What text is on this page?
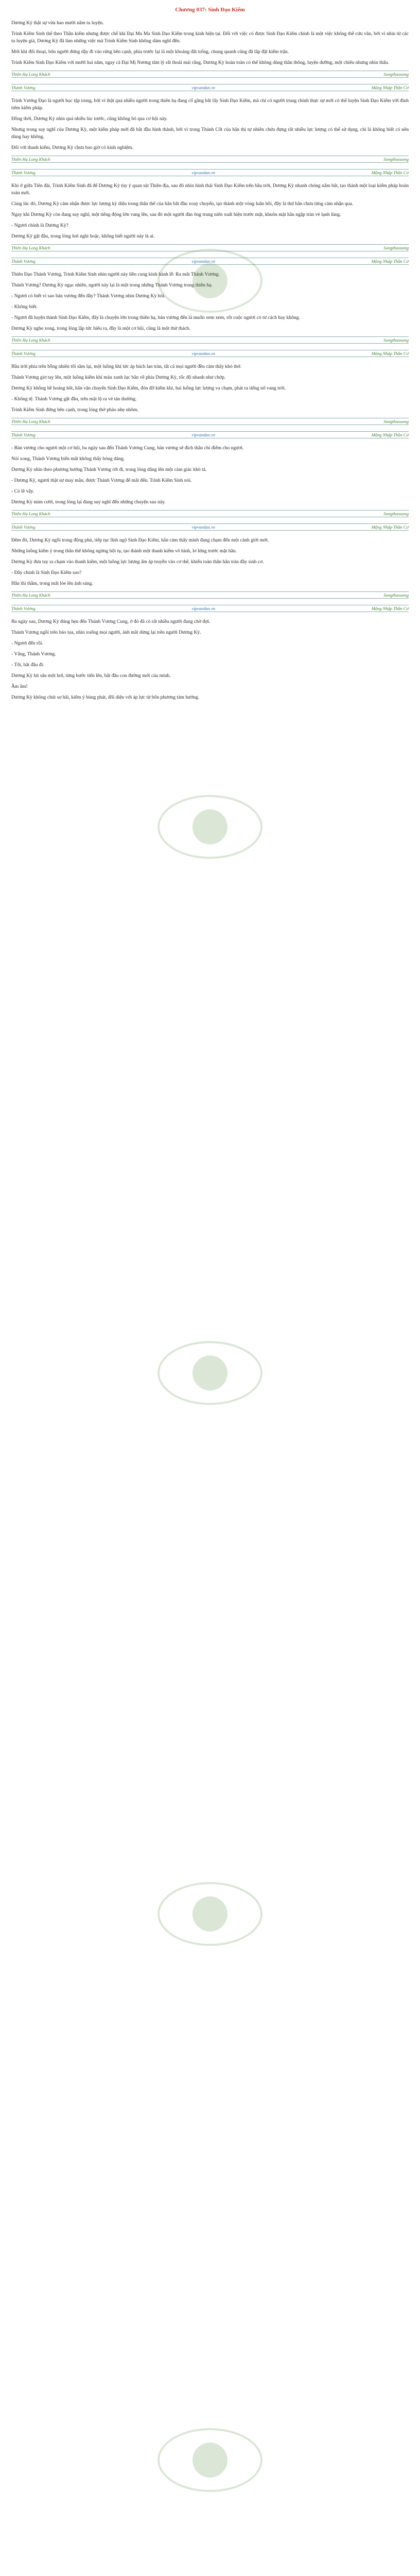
Chương 037: Sinh Đạo Kiếm

Dương Kỳ thật sự vừa hao mười năm tu luyện.

Trình Kiếm Sinh thể theo Thần kiếm nhưng được chế khi Đại Mu Ma Sinh Đạo Kiếm trong kinh hiện tại. Đối với việc có được Sinh Đạo Kiếm chính là một việc không thể cứu vãn, bởi vì nhìn từ các tu luyện giả, Dương Kỳ đã làm những việc mà Trình Kiếm Sinh không dám nghĩ đến.

Mới khi đối thoại, bốn người đứng dậy đi vào rừng bên cạnh, phía trước lại là một khoảng đất trống, chung quanh cũng đã lắp đặt kiếm trận.

Trình Kiếm Sinh Đạo Kiếm với mười hai năm, ngay cả Đại Mị Nương tâm lý rất thoải mái rằng, Dương Kỳ hoàn toàn có thể không dùng thần thông, luyện dưỡng, một chiêu nhưng nhìn thấu.

Thiên Hạ Long Khách	Songthuxuong
Thánh Vương	vipvandan.vn	Mộng Nhập Thần Cơ

Trình Vương Đạo là người học tập trung, bởi vì thật quá nhiều người trong thiên hạ đang cố gắng bắt lấy Sinh Đạo Kiếm, mà chỉ có người trung chính thực sự mới có thể luyện Sinh Đạo Kiếm với đỉnh tiêm kiếm pháp.

Đồng thời, Dương Kỳ nhìn quá nhiều lúc trước, cũng không bỏ qua cơ hội này.

Nhưng trong suy nghĩ của Dương Kỳ, một kiếm pháp mới đã bắt đầu hình thành, bởi vì trong Thánh Cốt của hắn thì tự nhiên chứa đựng rất nhiều lực lượng có thể sử dụng, chỉ là không biết có nên dùng hay không.

Đối với thanh kiếm, Dương Kỳ chưa bao giờ có kinh nghiệm.

Thiên Hạ Long Khách	Songthuxuong
Thánh Vương	vipvandan.vn	Mộng Nhập Thần Cơ

Khi ở giữa Tiên đài, Trình Kiếm Sinh đã để Dương Kỳ tùy ý quan sát Thiên địa, sau đó nhìn hình thái Sinh Đạo Kiếm trên bầu trời, Dương Kỳ nhanh chóng nắm bắt, tạo thành một loại kiếm pháp hoàn toàn mới.

Cùng lúc đó, Dương Kỳ cảm nhận được lực lượng kỳ diệu trong thân thể của hắn bắt đầu xoay chuyển, tạo thành một vòng luân hồi, đây là thứ hắn chưa từng cảm nhận qua.

Ngay khi Dương Kỳ còn đang suy nghĩ, một tiếng động lớn vang lên, sau đó một người đàn ông trung niên xuất hiện trước mặt, khuôn mặt hắn ngập tràn vẻ lạnh lùng.

- Ngươi chính là Dương Kỳ?

Dương Kỳ gật đầu, trong lòng hơi nghi hoặc, không biết người này là ai.

Thiên Hạ Long Khách	Songthuxuong
Thánh Vương	vipvandan.vn	Mộng Nhập Thần Cơ

Thiên Đạo Thánh Vương, Trình Kiếm Sinh nhìn người này liền cung kính hành lễ: Ra mắt Thánh Vương.

Thánh Vương? Dương Kỳ ngạc nhiên, người này lại là một trong những Thánh Vương trong thiên hạ.

- Ngươi có biết vì sao bản vương đến đây? Thánh Vương nhìn Dương Kỳ hỏi.

- Không biết.

- Ngươi đã luyện thành Sinh Đạo Kiếm, đây là chuyện lớn trong thiên hạ, bản vương đến là muốn xem xem, rốt cuộc ngươi có tư cách hay không.

Dương Kỳ nghe xong, trong lòng lập tức hiểu ra, đây là một cơ hội, cũng là một thử thách.

Thiên Hạ Long Khách	Songthuxuong
Thánh Vương	vipvandan.vn	Mộng Nhập Thần Cơ

Bầu trời phía trên bỗng nhiên tối sầm lại, một luồng khí tức áp bách lan tràn, tất cả mọi người đều cảm thấy khó thở.

Thánh Vương giơ tay lên, một luồng kiếm khí màu xanh lục bắn về phía Dương Kỳ, tốc độ nhanh như chớp.

Dương Kỳ không hề hoảng hốt, hắn vận chuyển Sinh Đạo Kiếm, đón đỡ kiếm khí, hai luồng lực lượng va chạm, phát ra tiếng nổ vang trời.

- Không tệ. Thánh Vương gật đầu, trên mặt lộ ra vẻ tán thưởng.

Trình Kiếm Sinh đứng bên cạnh, trong lòng thở phào nhẹ nhõm.

Thiên Hạ Long Khách	Songthuxuong
Thánh Vương	vipvandan.vn	Mộng Nhập Thần Cơ

- Bản vương cho ngươi một cơ hội, ba ngày sau đến Thánh Vương Cung, bản vương sẽ đích thân chỉ điểm cho ngươi.

Nói xong, Thánh Vương biến mất không thấy bóng dáng.

Dương Kỳ nhìn theo phương hướng Thánh Vương rời đi, trong lòng dâng lên một cảm giác khó tả.

- Dương Kỳ, ngươi thật sự may mắn, được Thánh Vương để mắt đến. Trình Kiếm Sinh nói.

- Có lẽ vậy.

Dương Kỳ mỉm cười, trong lòng lại đang suy nghĩ đến những chuyện sau này.

Thiên Hạ Long Khách	Songthuxuong
Thánh Vương	vipvandan.vn	Mộng Nhập Thần Cơ

Đêm đó, Dương Kỳ ngồi trong động phủ, tiếp tục lĩnh ngộ Sinh Đạo Kiếm, hắn cảm thấy mình đang chạm đến một cảnh giới mới.

Những luồng kiếm ý trong thân thể không ngừng hội tụ, tạo thành một thanh kiếm vô hình, lơ lửng trước mặt hắn.

Dương Kỳ đưa tay ra chạm vào thanh kiếm, một luồng lực lượng ấm áp truyền vào cơ thể, khiến toàn thân hắn tràn đầy sinh cơ.

- Đây chính là Sinh Đạo Kiếm sao?

Hắn thì thầm, trong mắt lóe lên ánh sáng.

Thiên Hạ Long Khách	Songthuxuong
Thánh Vương	vipvandan.vn	Mộng Nhập Thần Cơ

Ba ngày sau, Dương Kỳ đúng hẹn đến Thánh Vương Cung, ở đó đã có rất nhiều người đang chờ đợi.

Thánh Vương ngồi trên bảo tọa, nhìn xuống mọi người, ánh mắt dừng lại trên người Dương Kỳ.

- Ngươi đến rồi.

- Vâng, Thánh Vương.

- Tốt, bắt đầu đi.

Dương Kỳ hít sâu một hơi, từng bước tiến lên, bắt đầu con đường mới của mình.

Ầm ầm!

Dương Kỳ không chút sợ hãi, kiếm ý bùng phát, đối diện với áp lực từ bốn phương tám hướng.
